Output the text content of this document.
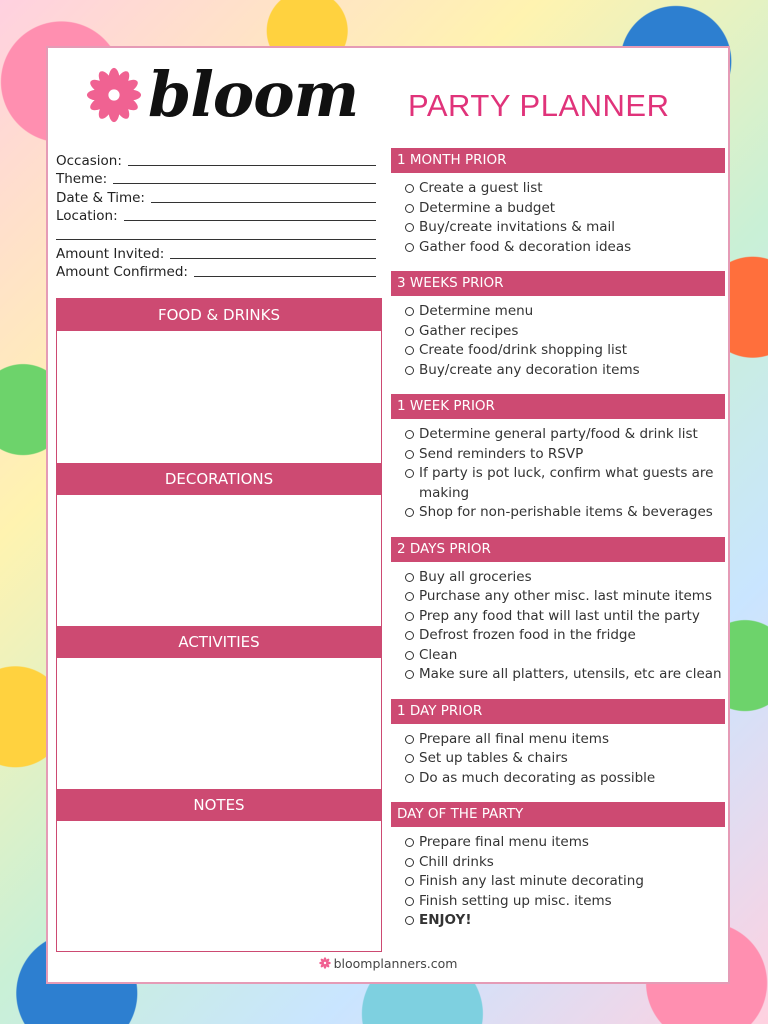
bloom PARTY PLANNER
Occasion:
Theme:
Date & Time:
Location:
Amount Invited:
Amount Confirmed:
FOOD & DRINKS
DECORATIONS
ACTIVITIES
NOTES
1 MONTH PRIOR
Create a guest list
Determine a budget
Buy/create invitations & mail
Gather food & decoration ideas
3 WEEKS PRIOR
Determine menu
Gather recipes
Create food/drink shopping list
Buy/create any decoration items
1 WEEK PRIOR
Determine general party/food & drink list
Send reminders to RSVP
If party is pot luck, confirm what guests are making
Shop for non-perishable items & beverages
2 DAYS PRIOR
Buy all groceries
Purchase any other misc. last minute items
Prep any food that will last until the party
Defrost frozen food in the fridge
Clean
Make sure all platters, utensils, etc are clean
1 DAY PRIOR
Prepare all final menu items
Set up tables & chairs
Do as much decorating as possible
DAY OF THE PARTY
Prepare final menu items
Chill drinks
Finish any last minute decorating
Finish setting up misc. items
ENJOY!
bloomplanners.com
